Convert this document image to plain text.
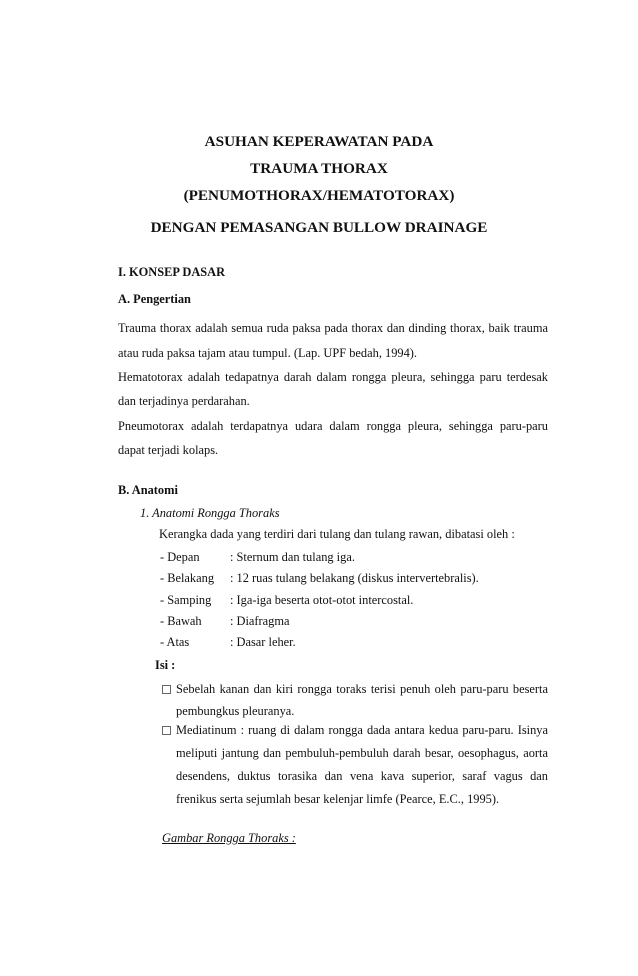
ASUHAN KEPERAWATAN PADA
TRAUMA THORAX
(PENUMOTHORAX/HEMATOTORAX)
DENGAN PEMASANGAN BULLOW DRAINAGE
I. KONSEP DASAR
A. Pengertian
Trauma thorax adalah semua ruda paksa pada thorax dan dinding thorax, baik trauma
atau ruda paksa tajam atau tumpul. (Lap. UPF bedah, 1994).
Hematotorax adalah tedapatnya darah dalam rongga pleura, sehingga paru terdesak
dan terjadinya perdarahan.
Pneumotorax adalah terdapatnya udara dalam rongga pleura, sehingga paru-paru
dapat terjadi kolaps.
B. Anatomi
1. Anatomi Rongga Thoraks
Kerangka dada yang terdiri dari tulang dan tulang rawan, dibatasi oleh :
- Depan : Sternum dan tulang iga.
- Belakang : 12 ruas tulang belakang (diskus intervertebralis).
- Samping : Iga-iga beserta otot-otot intercostal.
- Bawah : Diafragma
- Atas	: Dasar leher.
Isi :
Sebelah kanan dan kiri rongga toraks terisi penuh oleh paru-paru beserta
pembungkus pleuranya.
Mediatinum : ruang di dalam rongga dada antara kedua paru-paru. Isinya
meliputi jantung dan pembuluh-pembuluh darah besar, oesophagus, aorta
desendens, duktus torasika dan vena kava superior, saraf vagus dan
frenikus serta sejumlah besar kelenjar limfe (Pearce, E.C., 1995).
Gambar Rongga Thoraks :
